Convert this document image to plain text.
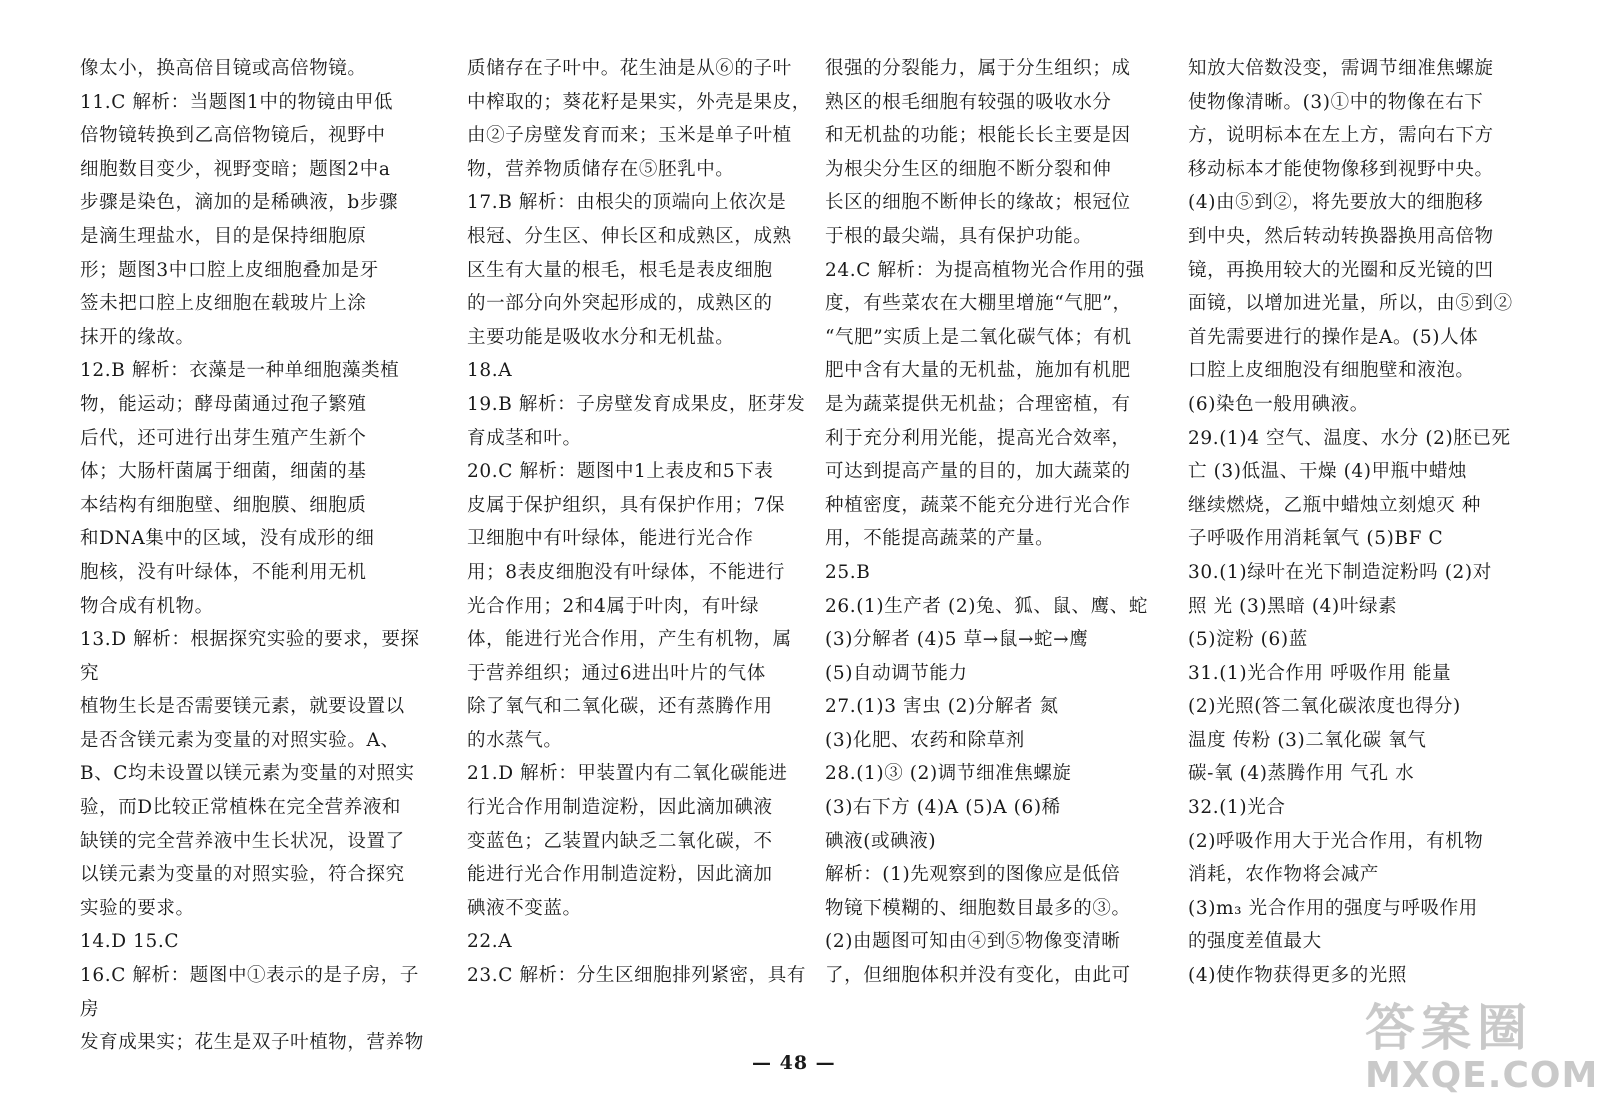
像太小，换高倍目镜或高倍物镜。

11.C 解析：当题图1中的物镜由甲低

倍物镜转换到乙高倍物镜后，视野中

细胞数目变少，视野变暗；题图2中a

步骤是染色，滴加的是稀碘液，b步骤

是滴生理盐水，目的是保持细胞原

形；题图3中口腔上皮细胞叠加是牙

签未把口腔上皮细胞在载玻片上涂

抹开的缘故。

12.B 解析：衣藻是一种单细胞藻类植

物，能运动；酵母菌通过孢子繁殖

后代，还可进行出芽生殖产生新个

体；大肠杆菌属于细菌，细菌的基

本结构有细胞壁、细胞膜、细胞质

和DNA集中的区域，没有成形的细

胞核，没有叶绿体，不能利用无机

物合成有机物。

13.D 解析：根据探究实验的要求，要探究

植物生长是否需要镁元素，就要设置以

是否含镁元素为变量的对照实验。A、

B、C均未设置以镁元素为变量的对照实

验，而D比较正常植株在完全营养液和

缺镁的完全营养液中生长状况，设置了

以镁元素为变量的对照实验，符合探究

实验的要求。

14.D 15.C

16.C 解析：题图中①表示的是子房，子房

发育成果实；花生是双子叶植物，营养物

质储存在子叶中。花生油是从⑥的子叶

中榨取的；葵花籽是果实，外壳是果皮，

由②子房壁发育而来；玉米是单子叶植

物，营养物质储存在⑤胚乳中。

17.B 解析：由根尖的顶端向上依次是

根冠、分生区、伸长区和成熟区，成熟

区生有大量的根毛，根毛是表皮细胞

的一部分向外突起形成的，成熟区的

主要功能是吸收水分和无机盐。

18.A

19.B 解析：子房壁发育成果皮，胚芽发

育成茎和叶。

20.C 解析：题图中1上表皮和5下表

皮属于保护组织，具有保护作用；7保

卫细胞中有叶绿体，能进行光合作

用；8表皮细胞没有叶绿体，不能进行

光合作用；2和4属于叶肉，有叶绿

体，能进行光合作用，产生有机物，属

于营养组织；通过6进出叶片的气体

除了氧气和二氧化碳，还有蒸腾作用

的水蒸气。

21.D 解析：甲装置内有二氧化碳能进

行光合作用制造淀粉，因此滴加碘液

变蓝色；乙装置内缺乏二氧化碳，不

能进行光合作用制造淀粉，因此滴加

碘液不变蓝。

22.A

23.C 解析：分生区细胞排列紧密，具有

很强的分裂能力，属于分生组织；成

熟区的根毛细胞有较强的吸收水分

和无机盐的功能；根能长长主要是因

为根尖分生区的细胞不断分裂和伸

长区的细胞不断伸长的缘故；根冠位

于根的最尖端，具有保护功能。

24.C 解析：为提高植物光合作用的强

度，有些菜农在大棚里增施“气肥”，

“气肥”实质上是二氧化碳气体；有机

肥中含有大量的无机盐，施加有机肥

是为蔬菜提供无机盐；合理密植，有

利于充分利用光能，提高光合效率，

可达到提高产量的目的，加大蔬菜的

种植密度，蔬菜不能充分进行光合作

用，不能提高蔬菜的产量。

25.B

26.(1)生产者 (2)兔、狐、鼠、鹰、蛇

(3)分解者 (4)5 草→鼠→蛇→鹰

(5)自动调节能力

27.(1)3 害虫 (2)分解者 氮

(3)化肥、农药和除草剂

28.(1)③ (2)调节细准焦螺旋

(3)右下方 (4)A (5)A (6)稀

碘液(或碘液)

解析：(1)先观察到的图像应是低倍

物镜下模糊的、细胞数目最多的③。

(2)由题图可知由④到⑤物像变清晰

了，但细胞体积并没有变化，由此可

知放大倍数没变，需调节细准焦螺旋

使物像清晰。(3)①中的物像在右下

方，说明标本在左上方，需向右下方

移动标本才能使物像移到视野中央。

(4)由⑤到②，将先要放大的细胞移

到中央，然后转动转换器换用高倍物

镜，再换用较大的光圈和反光镜的凹

面镜，以增加进光量，所以，由⑤到②

首先需要进行的操作是A。(5)人体

口腔上皮细胞没有细胞壁和液泡。

(6)染色一般用碘液。

29.(1)4 空气、温度、水分 (2)胚已死

亡 (3)低温、干燥 (4)甲瓶中蜡烛

继续燃烧，乙瓶中蜡烛立刻熄灭 种

子呼吸作用消耗氧气 (5)BF C

30.(1)绿叶在光下制造淀粉吗 (2)对

照 光 (3)黑暗 (4)叶绿素

(5)淀粉 (6)蓝

31.(1)光合作用 呼吸作用 能量

(2)光照(答二氧化碳浓度也得分)

温度 传粉 (3)二氧化碳 氧气

碳-氧 (4)蒸腾作用 气孔 水

32.(1)光合

(2)呼吸作用大于光合作用，有机物

消耗，农作物将会减产

(3)m₃ 光合作用的强度与呼吸作用

的强度差值最大

(4)使作物获得更多的光照

— 48 —
答案圈
MXQE.COM
